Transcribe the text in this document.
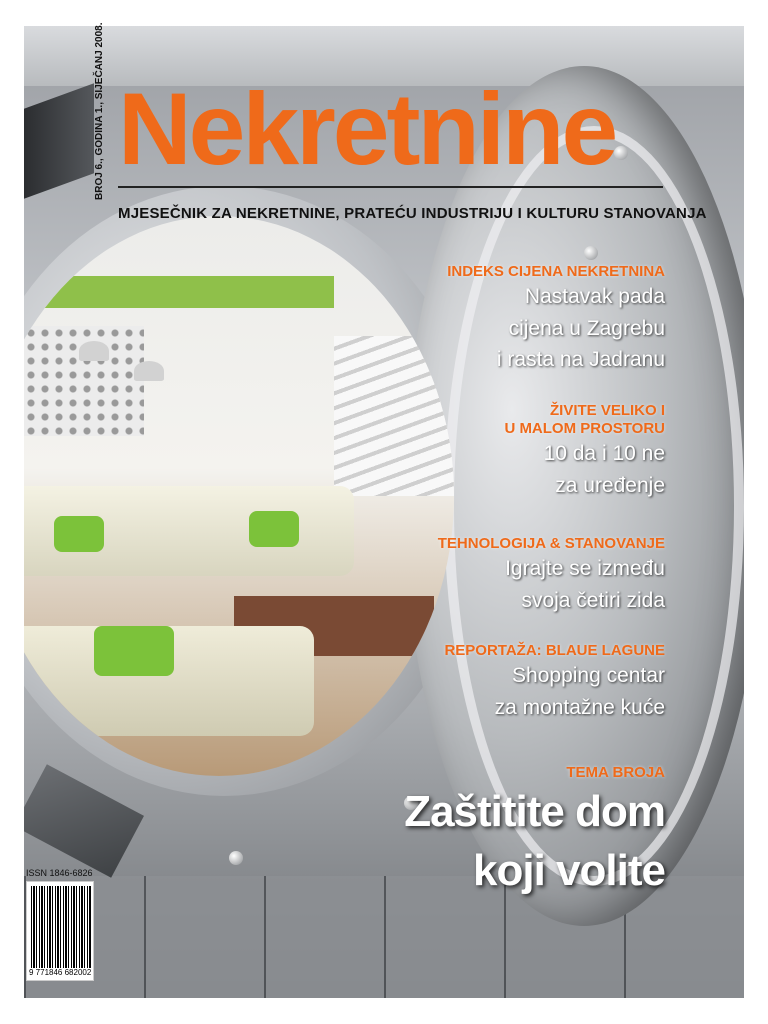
BROJ 6., GODINA 1., SIJEČANJ 2008. Nekretnine
MJESEČNIK ZA NEKRETNINE, PRATEĆU INDUSTRIJU I KULTURU STANOVANJA
INDEKS CIJENA NEKRETNINA
Nastavak pada
cijena u Zagrebu
i rasta na Jadranu
ŽIVITE VELIKO I
U MALOM PROSTORU
10 da i 10 ne
za uređenje
TEHNOLOGIJA & STANOVANJE
Igrajte se između
svoja četiri zida
REPORTAŽA: BLAUE LAGUNE
Shopping centar
za montažne kuće
TEMA BROJA
Zaštitite dom
koji volite
ISSN 1846-6826
9 771846 682002
